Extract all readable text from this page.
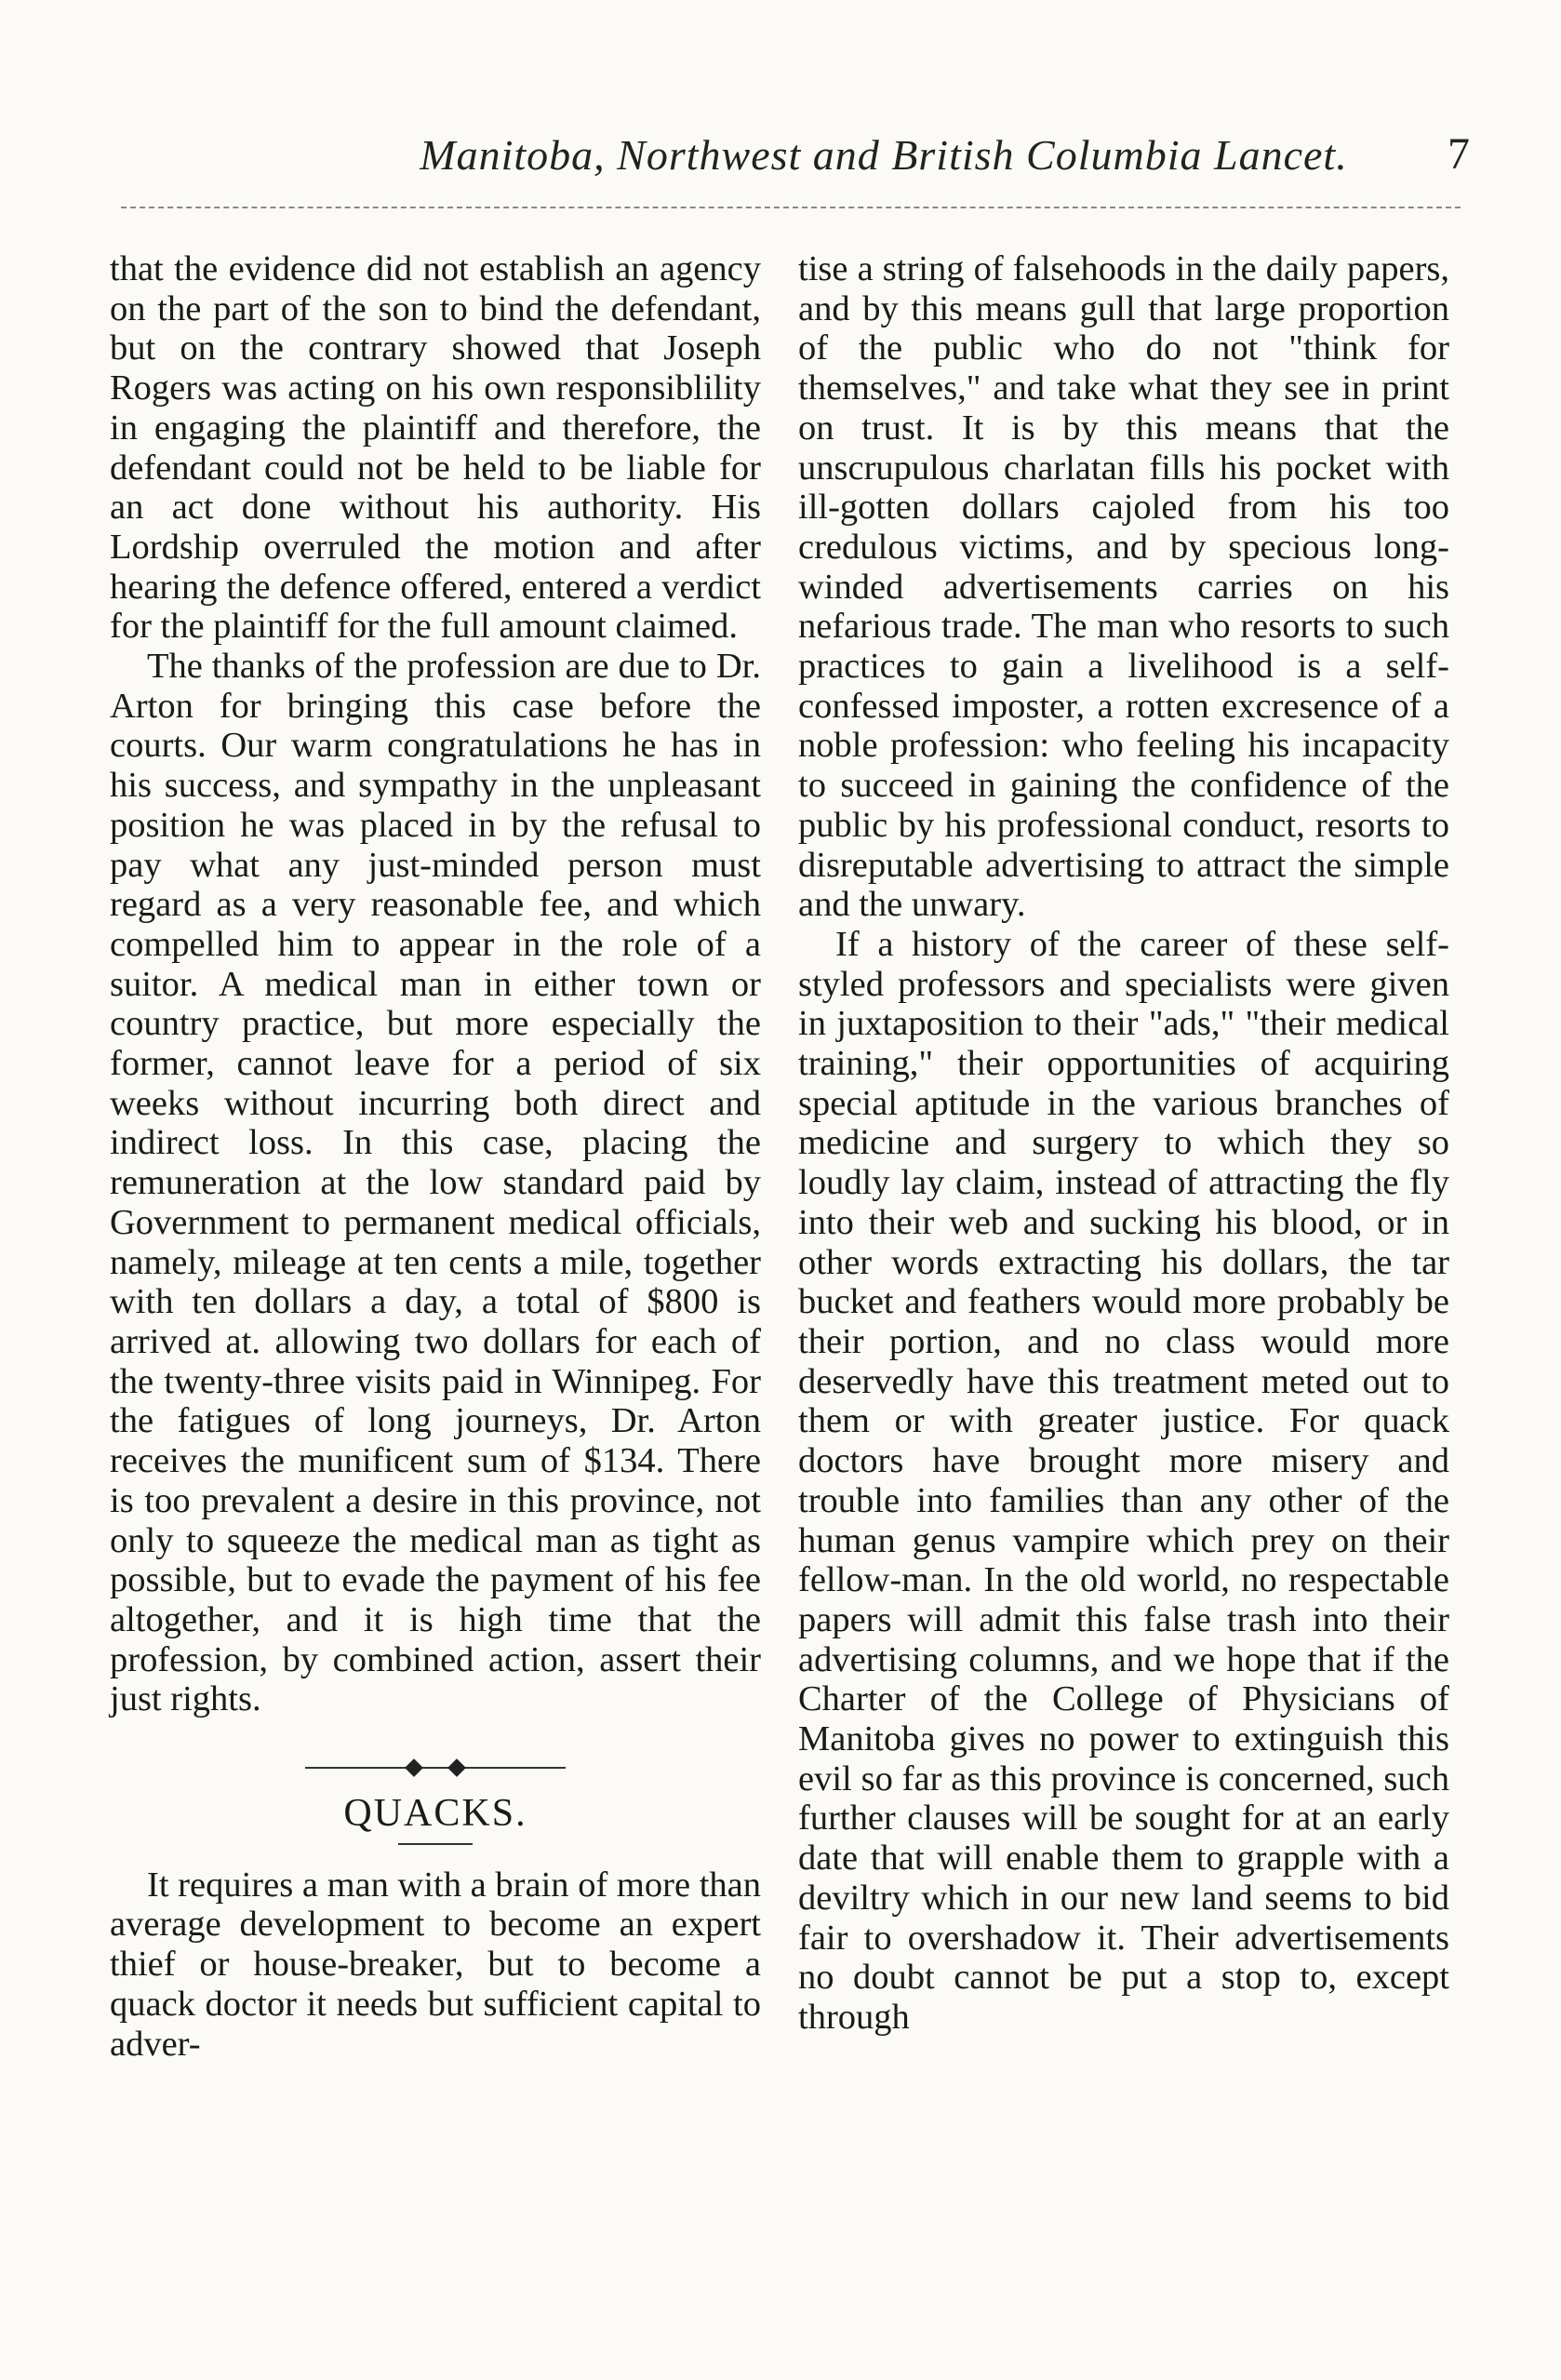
Manitoba, Northwest and British Columbia Lancet.	7

that the evidence did not establish an agency on the part of the son to bind the defendant, but on the contrary showed that Joseph Rogers was acting on his own responsiblility in engaging the plaintiff and therefore, the defendant could not be held to be liable for an act done without his authority. His Lordship overruled the motion and after hearing the defence offered, entered a verdict for the plaintiff for the full amount claimed.

The thanks of the profession are due to Dr. Arton for bringing this case before the courts. Our warm congratulations he has in his success, and sympathy in the unpleasant position he was placed in by the refusal to pay what any just-minded person must regard as a very reasonable fee, and which compelled him to appear in the role of a suitor. A medical man in either town or country practice, but more especially the former, cannot leave for a period of six weeks without incurring both direct and indirect loss. In this case, placing the remuneration at the low standard paid by Government to permanent medical officials, namely, mileage at ten cents a mile, together with ten dollars a day, a total of $800 is arrived at. allowing two dollars for each of the twenty-three visits paid in Winnipeg. For the fatigues of long journeys, Dr. Arton receives the munificent sum of $134. There is too prevalent a desire in this province, not only to squeeze the medical man as tight as possible, but to evade the payment of his fee altogether, and it is high time that the profession, by combined action, assert their just rights.

QUACKS.

It requires a man with a brain of more than average development to become an expert thief or house-breaker, but to become a quack doctor it needs but sufficient capital to adver-

tise a string of falsehoods in the daily papers, and by this means gull that large proportion of the public who do not "think for themselves," and take what they see in print on trust. It is by this means that the unscrupulous charlatan fills his pocket with ill-gotten dollars cajoled from his too credulous victims, and by specious long-winded advertisements carries on his nefarious trade. The man who resorts to such practices to gain a livelihood is a self-confessed imposter, a rotten excresence of a noble profession: who feeling his incapacity to succeed in gaining the confidence of the public by his professional conduct, resorts to disreputable advertising to attract the simple and the unwary.

If a history of the career of these self-styled professors and specialists were given in juxtaposition to their "ads," "their medical training," their opportunities of acquiring special aptitude in the various branches of medicine and surgery to which they so loudly lay claim, instead of attracting the fly into their web and sucking his blood, or in other words extracting his dollars, the tar bucket and feathers would more probably be their portion, and no class would more deservedly have this treatment meted out to them or with greater justice. For quack doctors have brought more misery and trouble into families than any other of the human genus vampire which prey on their fellow-man. In the old world, no respectable papers will admit this false trash into their advertising columns, and we hope that if the Charter of the College of Physicians of Manitoba gives no power to extinguish this evil so far as this province is concerned, such further clauses will be sought for at an early date that will enable them to grapple with a deviltry which in our new land seems to bid fair to overshadow it. Their advertisements no doubt cannot be put a stop to, except through
